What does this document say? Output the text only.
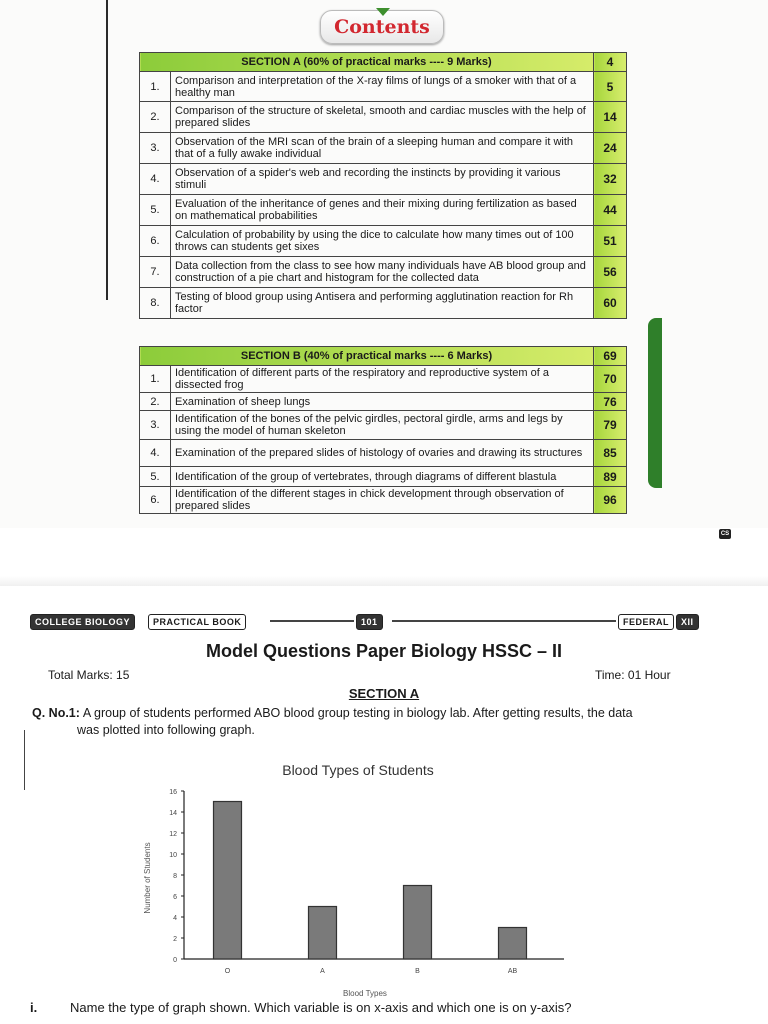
Contents
SECTION A (60% of practical marks ---- 9 Marks)		4
1.	Comparison and interpretation of the X-ray films of lungs of a smoker with that of a healthy man	5
2.	Comparison of the structure of skeletal, smooth and cardiac muscles with the help of prepared slides	14
3.	Observation of the MRI scan of the brain of a sleeping human and compare it with that of a fully awake individual	24
4.	Observation of a spider's web and recording the instincts by providing it various stimuli	32
5.	Evaluation of the inheritance of genes and their mixing during fertilization as based on mathematical probabilities	44
6.	Calculation of probability by using the dice to calculate how many times out of 100 throws can students get sixes	51
7.	Data collection from the class to see how many individuals have AB blood group and construction of a pie chart and histogram for the collected data	56
8.	Testing of blood group using Antisera and performing agglutination reaction for Rh factor	60
SECTION B (40% of practical marks ---- 6 Marks)		69
1.	Identification of different parts of the respiratory and reproductive system of a dissected frog	70
2.	Examination of sheep lungs	76
3.	Identification of the bones of the pelvic girdles, pectoral girdle, arms and legs by using the model of human skeleton	79
4.	Examination of the prepared slides of histology of ovaries and drawing its structures	85
5.	Identification of the group of vertebrates, through diagrams of different blastula	89
6.	Identification of the different stages in chick development through observation of prepared slides	96
CS
COLLEGE BIOLOGY	PRACTICAL BOOK	101	FEDERAL	XII
Model Questions Paper Biology HSSC – II
Total Marks: 15	Time: 01 Hour
SECTION A
Q. No.1: A group of students performed ABO blood group testing in biology lab. After getting results, the data
was plotted into following graph.
Blood Types of Students
0
2
4
6
8
10
12
14
16
O	A	B	AB
Blood Types
Number of Students
i.	Name the type of graph shown. Which variable is on x-axis and which one is on y-axis?
